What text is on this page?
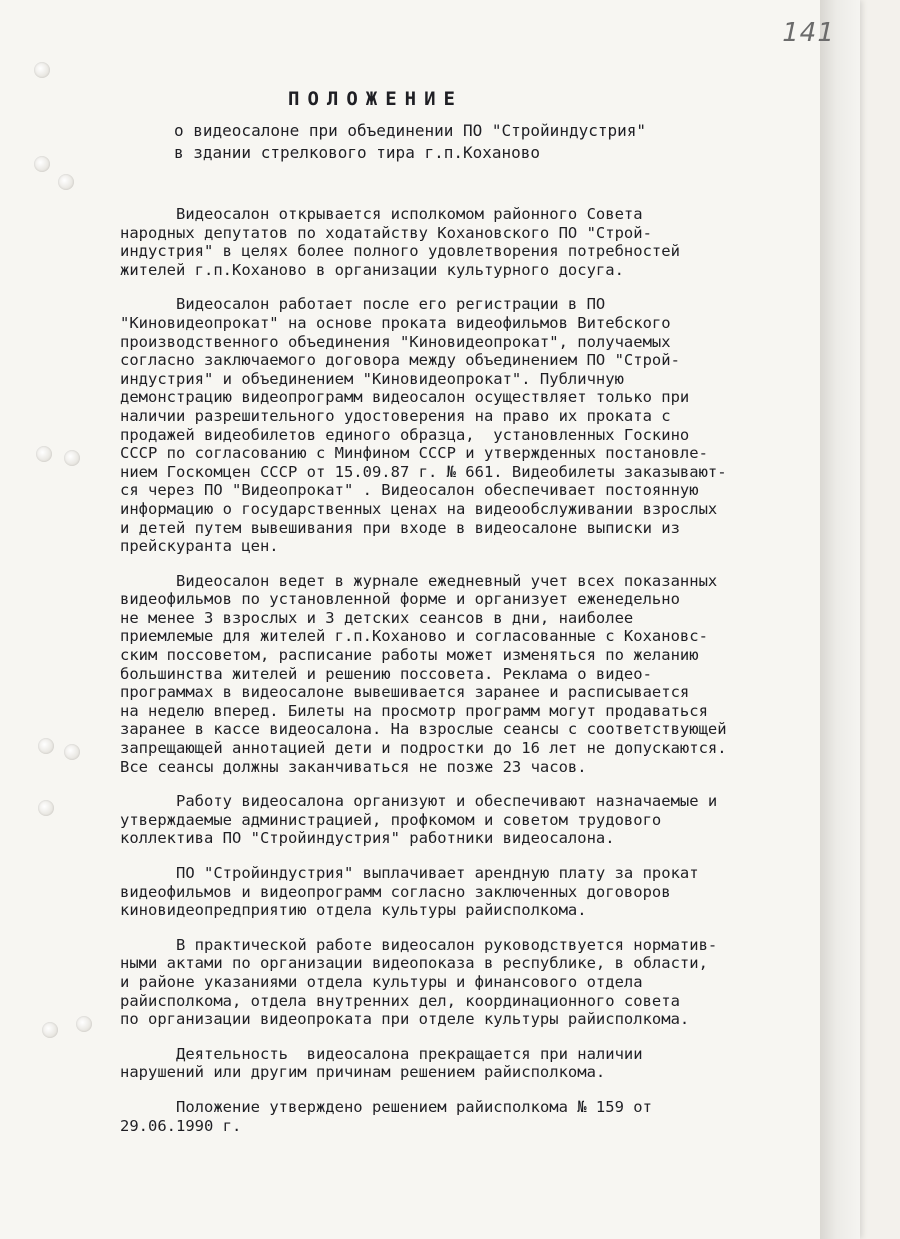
141
ПОЛОЖЕНИЕ
о видеосалоне при объединении ПО "Стройиндустрия"
в здании стрелкового тира г.п.Коханово
Видеосалон открывается исполкомом районного Совета
народных депутатов по ходатайству Кохановского ПО "Строй-
индустрия" в целях более полного удовлетворения потребностей
жителей г.п.Коханово в организации культурного досуга.
Видеосалон работает после его регистрации в ПО
"Киновидеопрокат" на основе проката видеофильмов Витебского
производственного объединения "Киновидеопрокат", получаемых
согласно заключаемого договора между объединением ПО "Строй-
индустрия" и объединением "Киновидеопрокат". Публичную
демонстрацию видеопрограмм видеосалон осуществляет только при
наличии разрешительного удостоверения на право их проката с
продажей видеобилетов единого образца,  установленных Госкино
СССР по согласованию с Минфином СССР и утвержденных постановле-
нием Госкомцен СССР от 15.09.87 г. № 661. Видеобилеты заказывают-
ся через ПО "Видеопрокат" . Видеосалон обеспечивает постоянную
информацию о государственных ценах на видеообслуживании взрослых
и детей путем вывешивания при входе в видеосалоне выписки из
прейскуранта цен.
Видеосалон ведет в журнале ежедневный учет всех показанных
видеофильмов по установленной форме и организует еженедельно
не менее 3 взрослых и 3 детских сеансов в дни, наиболее
приемлемые для жителей г.п.Коханово и согласованные с Кохановс-
ским поссоветом, расписание работы может изменяться по желанию
большинства жителей и решению поссовета. Реклама о видео-
программах в видеосалоне вывешивается заранее и расписывается
на неделю вперед. Билеты на просмотр программ могут продаваться
заранее в кассе видеосалона. На взрослые сеансы с соответствующей
запрещающей аннотацией дети и подростки до 16 лет не допускаются.
Все сеансы должны заканчиваться не позже 23 часов.
Работу видеосалона организуют и обеспечивают назначаемые и
утверждаемые администрацией, профкомом и советом трудового
коллектива ПО "Стройиндустрия" работники видеосалона.
ПО "Стройиндустрия" выплачивает арендную плату за прокат
видеофильмов и видеопрограмм согласно заключенных договоров
киновидеопредприятию отдела культуры райисполкома.
В практической работе видеосалон руководствуется норматив-
ными актами по организации видеопоказа в республике, в области,
и районе указаниями отдела культуры и финансового отдела
райисполкома, отдела внутренних дел, координационного совета
по организации видеопроката при отделе культуры райисполкома.
Деятельность  видеосалона прекращается при наличии
нарушений или другим причинам решением райисполкома.
Положение утверждено решением райисполкома № 159 от
29.06.1990 г.
